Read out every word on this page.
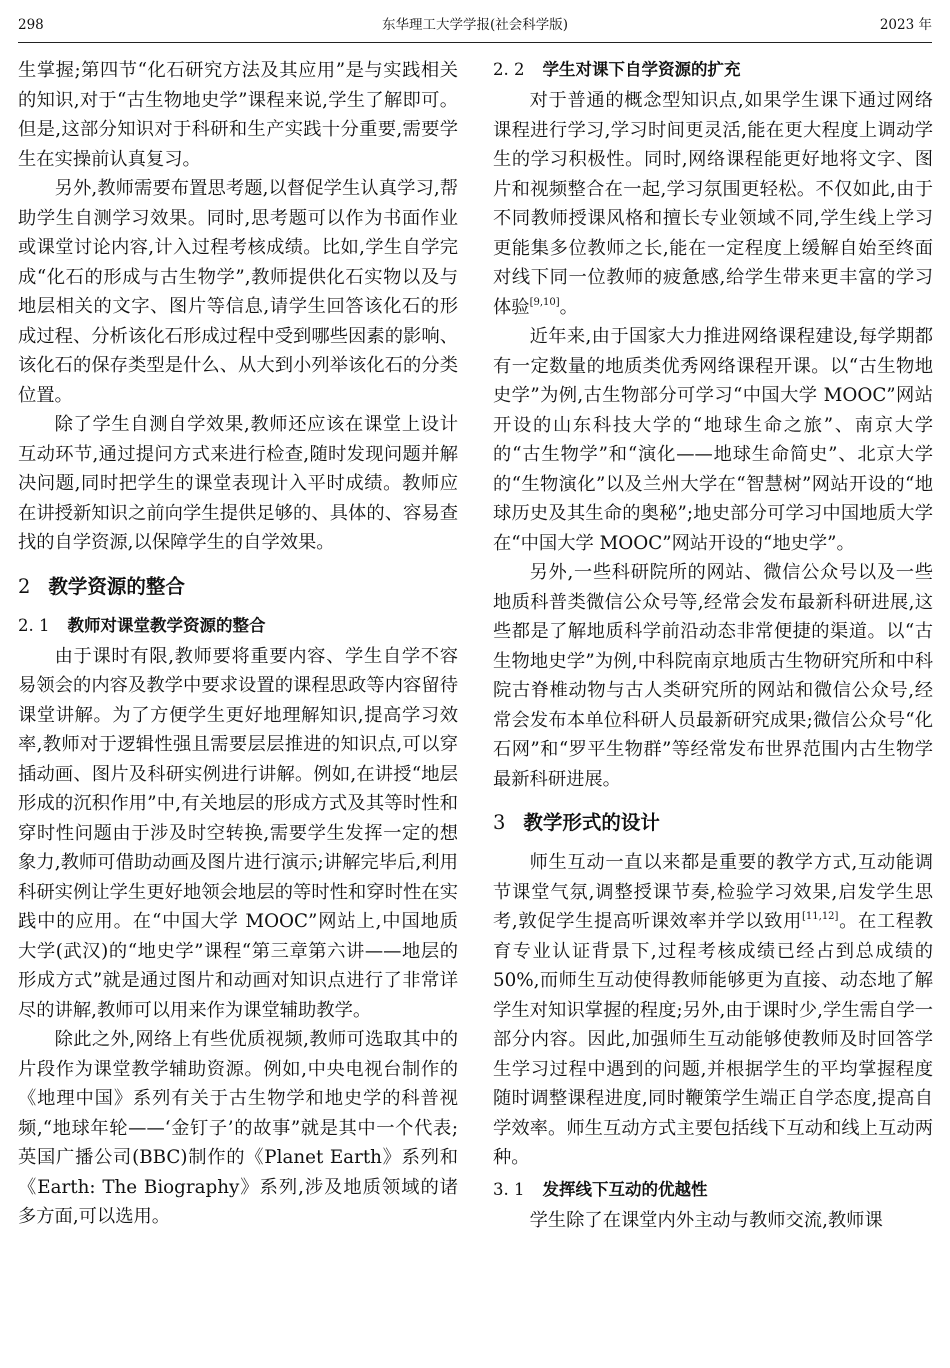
298	东华理工大学学报(社会科学版)	2023 年

生掌握;第四节“化石研究方法及其应用”是与实践相关的知识,对于“古生物地史学”课程来说,学生了解即可。但是,这部分知识对于科研和生产实践十分重要,需要学生在实操前认真复习。

另外,教师需要布置思考题,以督促学生认真学习,帮助学生自测学习效果。同时,思考题可以作为书面作业或课堂讨论内容,计入过程考核成绩。比如,学生自学完成“化石的形成与古生物学”,教师提供化石实物以及与地层相关的文字、图片等信息,请学生回答该化石的形成过程、分析该化石形成过程中受到哪些因素的影响、该化石的保存类型是什么、从大到小列举该化石的分类位置。

除了学生自测自学效果,教师还应该在课堂上设计互动环节,通过提问方式来进行检查,随时发现问题并解决问题,同时把学生的课堂表现计入平时成绩。教师应在讲授新知识之前向学生提供足够的、具体的、容易查找的自学资源,以保障学生的自学效果。

2 教学资源的整合
2. 1 教师对课堂教学资源的整合

由于课时有限,教师要将重要内容、学生自学不容易领会的内容及教学中要求设置的课程思政等内容留待课堂讲解。为了方便学生更好地理解知识,提高学习效率,教师对于逻辑性强且需要层层推进的知识点,可以穿插动画、图片及科研实例进行讲解。例如,在讲授“地层形成的沉积作用”中,有关地层的形成方式及其等时性和穿时性问题由于涉及时空转换,需要学生发挥一定的想象力,教师可借助动画及图片进行演示;讲解完毕后,利用科研实例让学生更好地领会地层的等时性和穿时性在实践中的应用。在“中国大学 MOOC”网站上,中国地质大学(武汉)的“地史学”课程“第三章第六讲——地层的形成方式”就是通过图片和动画对知识点进行了非常详尽的讲解,教师可以用来作为课堂辅助教学。

除此之外,网络上有些优质视频,教师可选取其中的片段作为课堂教学辅助资源。例如,中央电视台制作的《地理中国》系列有关于古生物学和地史学的科普视频,“地球年轮——‘金钉子’的故事”就是其中一个代表;英国广播公司(BBC)制作的《Planet Earth》系列和《Earth: The Biography》系列,涉及地质领域的诸多方面,可以选用。

2. 2 学生对课下自学资源的扩充

对于普通的概念型知识点,如果学生课下通过网络课程进行学习,学习时间更灵活,能在更大程度上调动学生的学习积极性。同时,网络课程能更好地将文字、图片和视频整合在一起,学习氛围更轻松。不仅如此,由于不同教师授课风格和擅长专业领域不同,学生线上学习更能集多位教师之长,能在一定程度上缓解自始至终面对线下同一位教师的疲惫感,给学生带来更丰富的学习体验[9,10]。

近年来,由于国家大力推进网络课程建设,每学期都有一定数量的地质类优秀网络课程开课。以“古生物地史学”为例,古生物部分可学习“中国大学 MOOC”网站开设的山东科技大学的“地球生命之旅”、南京大学的“古生物学”和“演化——地球生命简史”、北京大学的“生物演化”以及兰州大学在“智慧树”网站开设的“地球历史及其生命的奥秘”;地史部分可学习中国地质大学在“中国大学 MOOC”网站开设的“地史学”。

另外,一些科研院所的网站、微信公众号以及一些地质科普类微信公众号等,经常会发布最新科研进展,这些都是了解地质科学前沿动态非常便捷的渠道。以“古生物地史学”为例,中科院南京地质古生物研究所和中科院古脊椎动物与古人类研究所的网站和微信公众号,经常会发布本单位科研人员最新研究成果;微信公众号“化石网”和“罗平生物群”等经常发布世界范围内古生物学最新科研进展。

3 教学形式的设计

师生互动一直以来都是重要的教学方式,互动能调节课堂气氛,调整授课节奏,检验学习效果,启发学生思考,敦促学生提高听课效率并学以致用[11,12]。在工程教育专业认证背景下,过程考核成绩已经占到总成绩的 50%,而师生互动使得教师能够更为直接、动态地了解学生对知识掌握的程度;另外,由于课时少,学生需自学一部分内容。因此,加强师生互动能够使教师及时回答学生学习过程中遇到的问题,并根据学生的平均掌握程度随时调整课程进度,同时鞭策学生端正自学态度,提高自学效率。师生互动方式主要包括线下互动和线上互动两种。

3. 1 发挥线下互动的优越性

学生除了在课堂内外主动与教师交流,教师课
